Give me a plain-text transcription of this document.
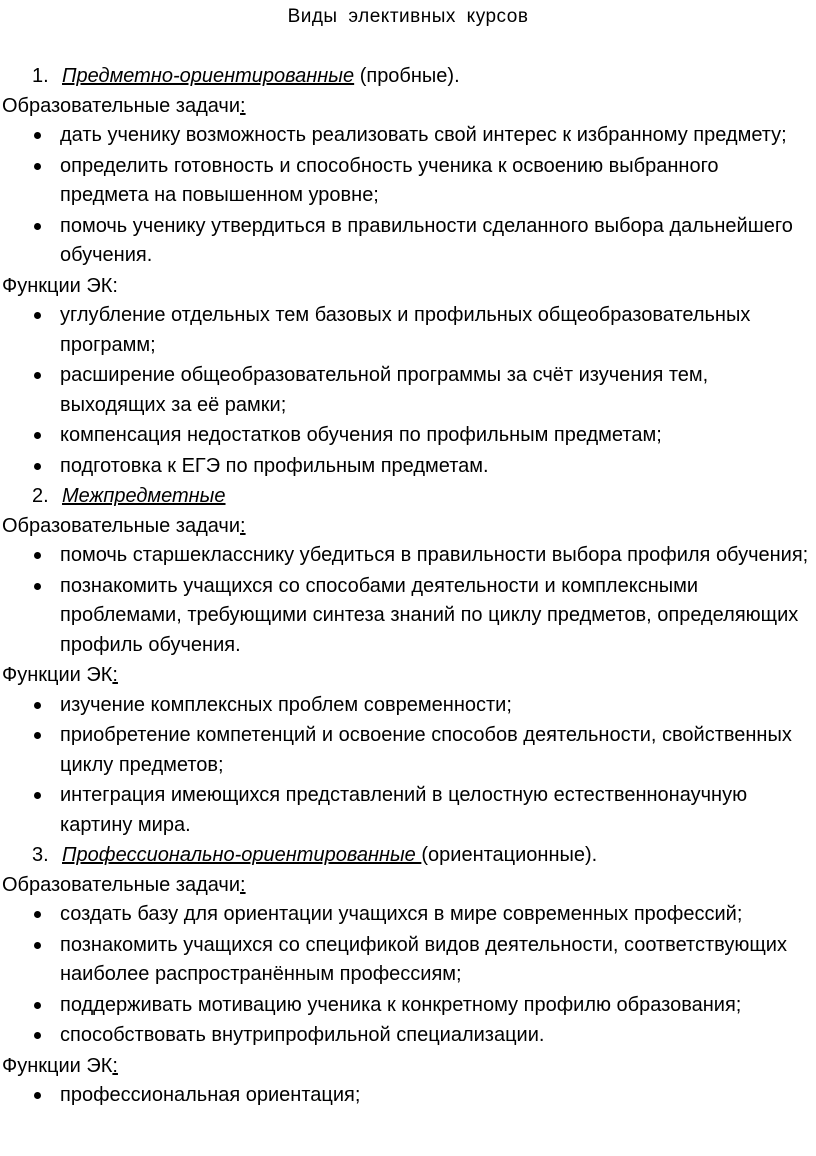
Виды элективных курсов

1. Предметно-ориентированные (пробные).

Образовательные задачи:

дать ученику возможность реализовать свой интерес к избранному предмету;
определить готовность и способность ученика к освоению выбранного предмета на повышенном уровне;
помочь ученику утвердиться в правильности сделанного выбора дальнейшего обучения.

Функции ЭК:

углубление отдельных тем базовых и профильных общеобразовательных программ;
расширение общеобразовательной программы за счёт изучения тем, выходящих за её рамки;
компенсация недостатков обучения по профильным предметам;
подготовка к ЕГЭ по профильным предметам.

2. Межпредметные

Образовательные задачи:

помочь старшекласснику убедиться в правильности выбора профиля обучения;
познакомить учащихся со способами деятельности и комплексными проблемами, требующими синтеза знаний по циклу предметов, определяющих профиль обучения.

Функции ЭК:

изучение комплексных проблем современности;
приобретение компетенций и освоение способов деятельности, свойственных циклу предметов;
интеграция имеющихся представлений в целостную естественнонаучную картину мира.

3. Профессионально-ориентированные (ориентационные).

Образовательные задачи:

создать базу для ориентации учащихся в мире современных профессий;
познакомить учащихся со спецификой видов деятельности, соответствующих наиболее распространённым профессиям;
поддерживать мотивацию ученика к конкретному профилю образования;
способствовать внутрипрофильной специализации.

Функции ЭК:

профессиональная ориентация;
